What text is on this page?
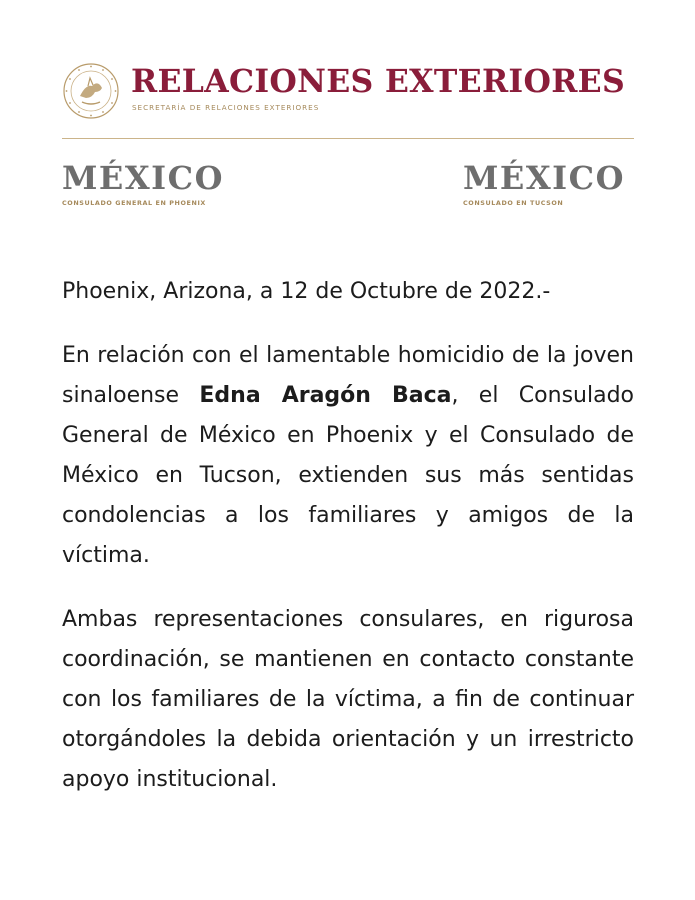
RELACIONES EXTERIORES
SECRETARÍA DE RELACIONES EXTERIORES
MÉXICO
CONSULADO GENERAL EN PHOENIX
MÉXICO
CONSULADO EN TUCSON

Phoenix, Arizona, a 12 de Octubre de 2022.-

En relación con el lamentable homicidio de la joven sinaloense Edna Aragón Baca, el Consulado General de México en Phoenix y el Consulado de México en Tucson, extienden sus más sentidas condolencias a los familiares y amigos de la víctima.

Ambas representaciones consulares, en rigurosa coordinación, se mantienen en contacto constante con los familiares de la víctima, a fin de continuar otorgándoles la debida orientación y un irrestricto apoyo institucional.
